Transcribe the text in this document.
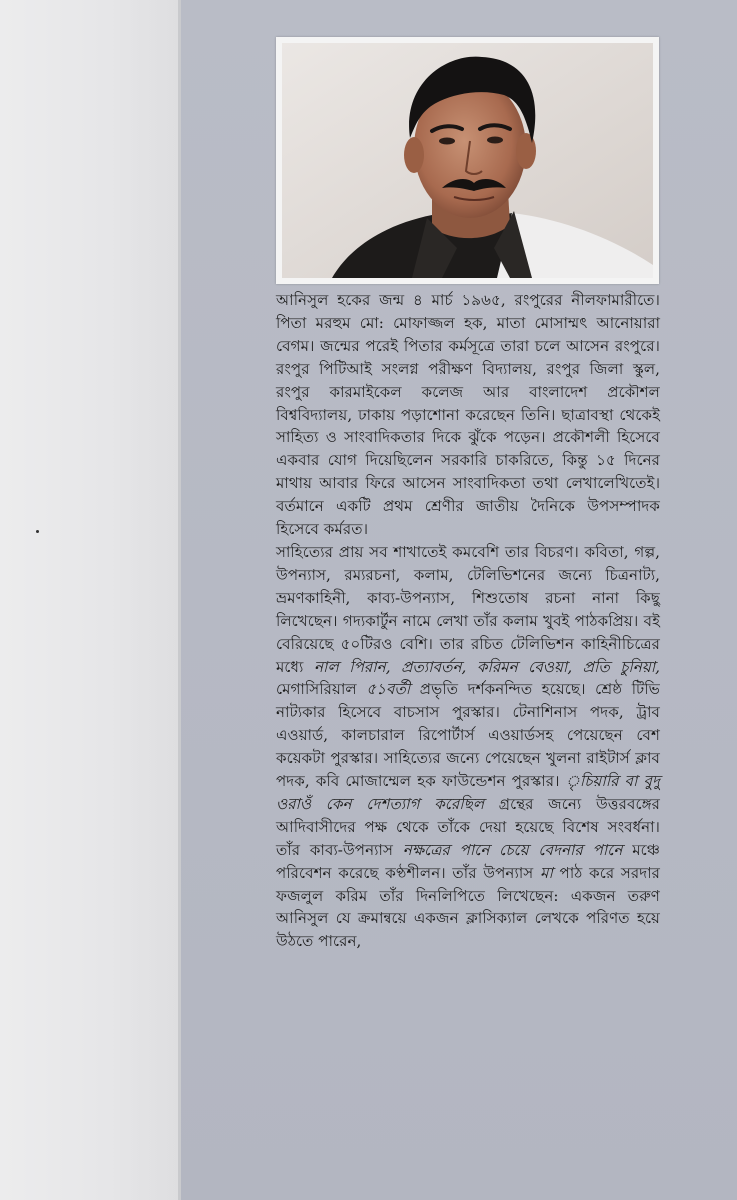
আনিসুল হকের জন্ম ৪ মার্চ ১৯৬৫, রংপুরের নীলফামারীতে। পিতা মরহুম মো: মোফাজ্জল হক, মাতা মোসাম্মৎ আনোয়ারা বেগম। জন্মের পরেই পিতার কর্মসূত্রে তারা চলে আসেন রংপুরে। রংপুর পিটিআই সংলগ্ন পরীক্ষণ বিদ্যালয়, রংপুর জিলা স্কুল, রংপুর কারমাইকেল কলেজ আর বাংলাদেশ প্রকৌশল বিশ্ববিদ্যালয়, ঢাকায় পড়াশোনা করেছেন তিনি। ছাত্রাবস্থা থেকেই সাহিত্য ও সাংবাদিকতার দিকে ঝুঁকে পড়েন। প্রকৌশলী হিসেবে একবার যোগ দিয়েছিলেন সরকারি চাকরিতে, কিন্তু ১৫ দিনের মাথায় আবার ফিরে আসেন সাংবাদিকতা তথা লেখালেখিতেই। বর্তমানে একটি প্রথম শ্রেণীর জাতীয় দৈনিকে উপসম্পাদক হিসেবে কর্মরত।

সাহিত্যের প্রায় সব শাখাতেই কমবেশি তার বিচরণ। কবিতা, গল্প, উপন্যাস, রম্যরচনা, কলাম, টেলিভিশনের জন্যে চিত্রনাট্য, ভ্রমণকাহিনী, কাব্য-উপন্যাস, শিশুতোষ রচনা নানা কিছু লিখেছেন। গদ্যকার্টুন নামে লেখা তাঁর কলাম খুবই পাঠকপ্রিয়। বই বেরিয়েছে ৫০টিরও বেশি। তার রচিত টেলিভিশন কাহিনীচিত্রের মধ্যে নাল পিরান, প্রত্যাবর্তন, করিমন বেওয়া, প্রতি চুনিয়া, মেগাসিরিয়াল ৫১বর্তী প্রভৃতি দর্শকনন্দিত হয়েছে। শ্রেষ্ঠ টিভি নাট্যকার হিসেবে বাচসাস পুরস্কার। টেনাশিনাস পদক, ট্রাব এওয়ার্ড, কালচারাল রিপোর্টার্স এওয়ার্ডসহ পেয়েছেন বেশ কয়েকটা পুরস্কার। সাহিত্যের জন্যে পেয়েছেন খুলনা রাইটার্স ক্লাব পদক, কবি মোজাম্মেল হক ফাউন্ডেশন পুরস্কার। ৃচিয়ারি বা বুদু ওরাওঁ কেন দেশত্যাগ করেছিল গ্রন্থের জন্যে উত্তরবঙ্গের আদিবাসীদের পক্ষ থেকে তাঁকে দেয়া হয়েছে বিশেষ সংবর্ধনা। তাঁর কাব্য-উপন্যাস নক্ষত্রের পানে চেয়ে বেদনার পানে মঞ্চে পরিবেশন করেছে কণ্ঠশীলন। তাঁর উপন্যাস মা পাঠ করে সরদার ফজলুল করিম তাঁর দিনলিপিতে লিখেছেন: একজন তরুণ আনিসুল যে ক্রমান্বয়ে একজন ক্লাসিক্যাল লেখকে পরিণত হয়ে উঠতে পারেন,
